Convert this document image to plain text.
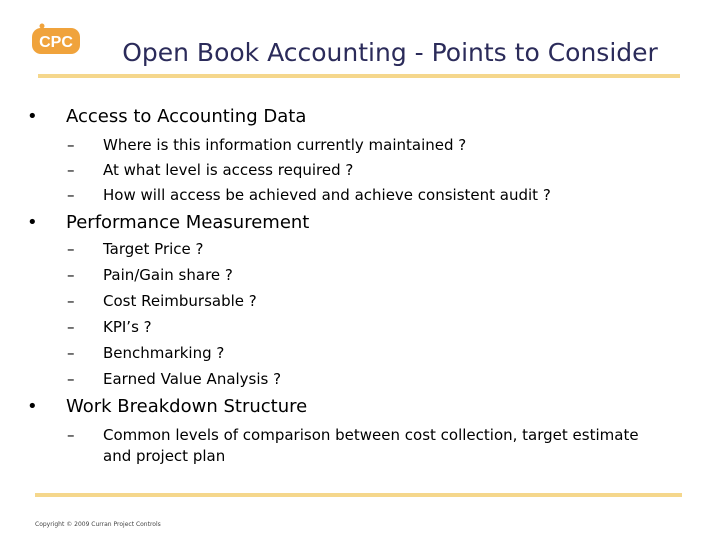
CPC	Open Book Accounting - Points to Consider
• Access to Accounting Data
– Where is this information currently maintained ?
– At what level is access required ?
– How will access be achieved and achieve consistent audit ?
• Performance Measurement
– Target Price ?
– Pain/Gain share ?
– Cost Reimbursable ?
– KPI’s ?
– Benchmarking ?
– Earned Value Analysis ?
• Work Breakdown Structure
– Common levels of comparison between cost collection, target estimate
and project plan
Copyright © 2009 Curran Project Controls
